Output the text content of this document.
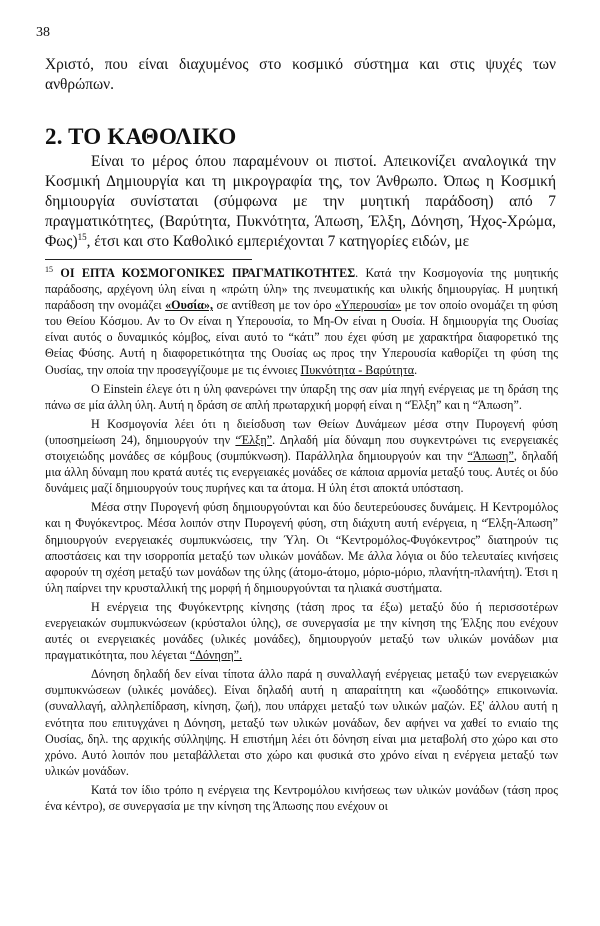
38

Χριστό, που είναι διαχυμένος στο κοσμικό σύστημα και στις ψυχές των ανθρώπων.

2. ΤΟ ΚΑΘΟΛΙΚΟ

Είναι το μέρος όπου παραμένουν οι πιστοί. Απεικονίζει αναλογικά την Κοσμική Δημιουργία και τη μικρογραφία της, τον Άνθρωπο. Όπως η Κοσμική δημιουργία συνίσταται (σύμφωνα με την μυητική παράδοση) από 7 πραγματικότητες, (Βαρύτητα, Πυκνότητα, Άπωση, Έλξη, Δόνηση, Ήχος-Χρώμα, Φως)$^{15}$, έτσι και στο Καθολικό εμπεριέχονται 7 κατηγορίες ειδών, με

$^{15}$ ΟΙ ΕΠΤΑ ΚΟΣΜΟΓΟΝΙΚΕΣ ΠΡΑΓΜΑΤΙΚΟΤΗΤΕΣ. Κατά την Κοσμογονία της μυητικής παράδοσης, αρχέγονη ύλη είναι η «πρώτη ύλη» της πνευματικής και υλικής δημιουργίας. Η μυητική παράδοση την ονομάζει «Ουσία», σε αντίθεση με τον όρο «Υπερουσία» με τον οποίο ονομάζει τη φύση του Θείου Κόσμου. Αν το Ον είναι η Υπερουσία, το Μη-Ον είναι η Ουσία. Η δημιουργία της Ουσίας είναι αυτός ο δυναμικός κόμβος, είναι αυτό το “κάτι” που έχει φύση με χαρακτήρα διαφορετικό της Θείας Φύσης. Αυτή η διαφορετικότητα της Ουσίας ως προς την Υπερουσία καθορίζει τη φύση της Ουσίας, την οποία την προσεγγίζουμε με τις έννοιες Πυκνότητα - Βαρύτητα.

Ο Einstein έλεγε ότι η ύλη φανερώνει την ύπαρξη της σαν μία πηγή ενέργειας με τη δράση της πάνω σε μία άλλη ύλη. Αυτή η δράση σε απλή πρωταρχική μορφή είναι η “Έλξη” και η “Άπωση”.

Η Κοσμογονία λέει ότι η διείσδυση των Θείων Δυνάμεων μέσα στην Πυρογενή φύση (υποσημείωση 24), δημιουργούν την “Έλξη”. Δηλαδή μία δύναμη που συγκεντρώνει τις ενεργειακές στοιχειώδης μονάδες σε κόμβους (συμπύκνωση). Παράλληλα δημιουργούν και την “Άπωση”, δηλαδή μια άλλη δύναμη που κρατά αυτές τις ενεργειακές μονάδες σε κάποια αρμονία μεταξύ τους. Αυτές οι δύο δυνάμεις μαζί δημιουργούν τους πυρήνες και τα άτομα. Η ύλη έτσι αποκτά υπόσταση.

Μέσα στην Πυρογενή φύση δημιουργούνται και δύο δευτερεύουσες δυνάμεις. Η Κεντρομόλος και η Φυγόκεντρος. Μέσα λοιπόν στην Πυρογενή φύση, στη διάχυτη αυτή ενέργεια, η “Έλξη-Άπωση” δημιουργούν ενεργειακές συμπυκνώσεις, την Ύλη. Οι “Κεντρομόλος-Φυγόκεντρος” διατηρούν τις αποστάσεις και την ισορροπία μεταξύ των υλικών μονάδων. Με άλλα λόγια οι δύο τελευταίες κινήσεις αφορούν τη σχέση μεταξύ των μονάδων της ύλης (άτομο-άτομο, μόριο-μόριο, πλανήτη-πλανήτη). Έτσι η ύλη παίρνει την κρυσταλλική της μορφή ή δημιουργούνται τα ηλιακά συστήματα.

Η ενέργεια της Φυγόκεντρης κίνησης (τάση προς τα έξω) μεταξύ δύο ή περισσοτέρων ενεργειακών συμπυκνώσεων (κρύσταλοι ύλης), σε συνεργασία με την κίνηση της Έλξης που ενέχουν αυτές οι ενεργειακές μονάδες (υλικές μονάδες), δημιουργούν μεταξύ των υλικών μονάδων μια πραγματικότητα, που λέγεται “Δόνηση”.

Δόνηση δηλαδή δεν είναι τίποτα άλλο παρά η συναλλαγή ενέργειας μεταξύ των ενεργειακών συμπυκνώσεων (υλικές μονάδες). Είναι δηλαδή αυτή η απαραίτητη και «ζωοδότης» επικοινωνία. (συναλλαγή, αλληλεπίδραση, κίνηση, ζωή), που υπάρχει μεταξύ των υλικών μαζών. Εξ' άλλου αυτή η ενότητα που επιτυγχάνει η Δόνηση, μεταξύ των υλικών μονάδων, δεν αφήνει να χαθεί το ενιαίο της Ουσίας, δηλ. της αρχικής σύλληψης. Η επιστήμη λέει ότι δόνηση είναι μια μεταβολή στο χώρο και στο χρόνο. Αυτό λοιπόν που μεταβάλλεται στο χώρο και φυσικά στο χρόνο είναι η ενέργεια μεταξύ των υλικών μονάδων.

Κατά τον ίδιο τρόπο η ενέργεια της Κεντρομόλου κινήσεως των υλικών μονάδων (τάση προς ένα κέντρο), σε συνεργασία με την κίνηση της Άπωσης που ενέχουν οι
